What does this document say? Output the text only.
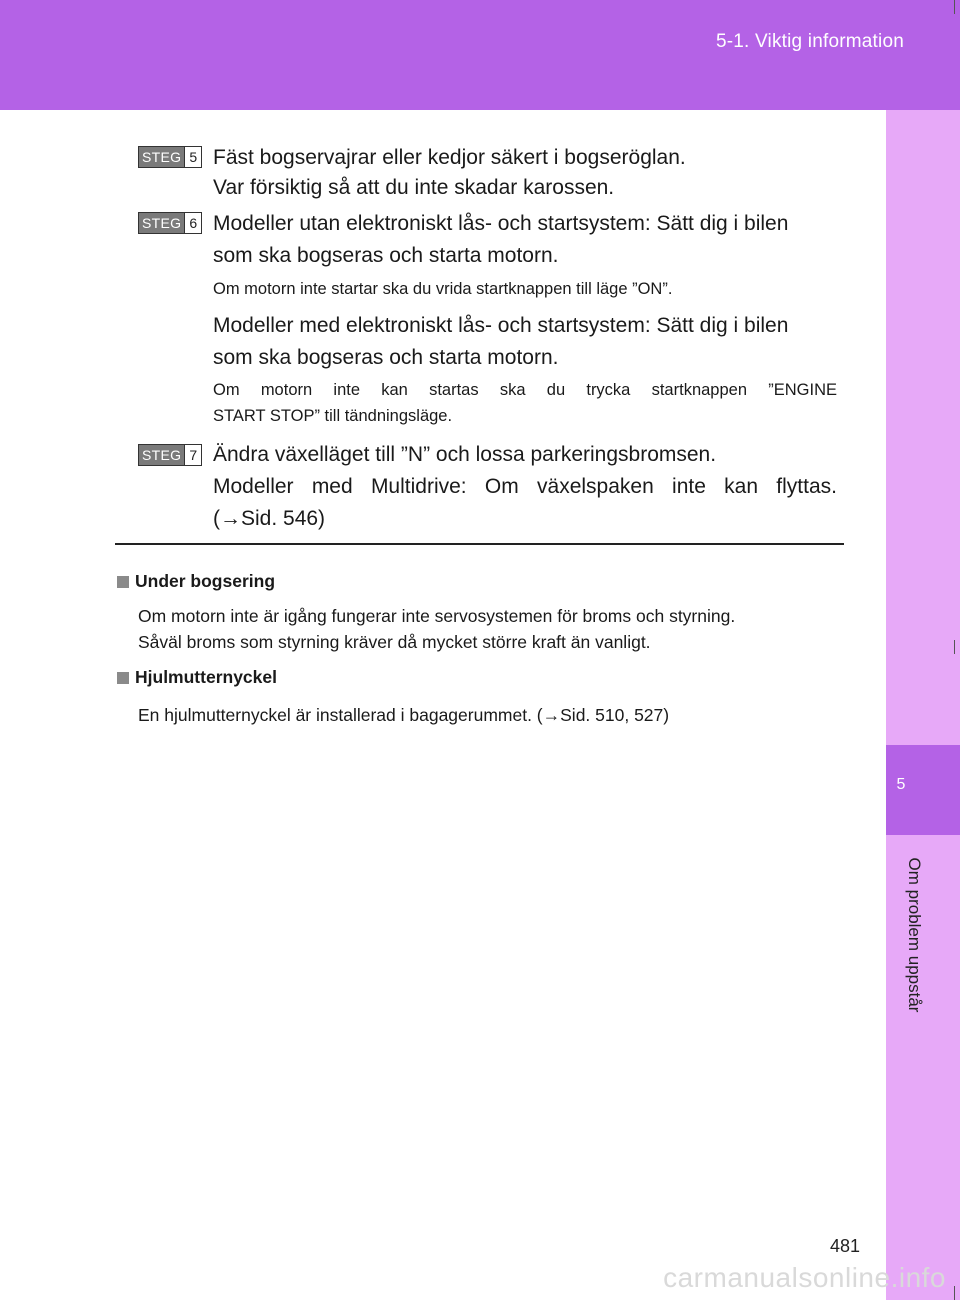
5-1. Viktig information
5
Om problem uppstår
STEG 5 Fäst bogservajrar eller kedjor säkert i bogseröglan.
Var försiktig så att du inte skadar karossen.
STEG 6 Modeller utan elektroniskt lås- och startsystem: Sätt dig i bilen
som ska bogseras och starta motorn.
Om motorn inte startar ska du vrida startknappen till läge ”ON”.
Modeller med elektroniskt lås- och startsystem: Sätt dig i bilen
som ska bogseras och starta motorn.
Om motorn inte kan startas ska du trycka startknappen ”ENGINE
START STOP” till tändningsläge.
STEG 7 Ändra växelläget till ”N” och lossa parkeringsbromsen.
Modeller med Multidrive: Om växelspaken inte kan flyttas.
(→Sid. 546)
Under bogsering
Om motorn inte är igång fungerar inte servosystemen för broms och styrning.
Såväl broms som styrning kräver då mycket större kraft än vanligt.
Hjulmutternyckel
En hjulmutternyckel är installerad i bagagerummet. (→Sid. 510, 527)
481
carmanualsonline.info
